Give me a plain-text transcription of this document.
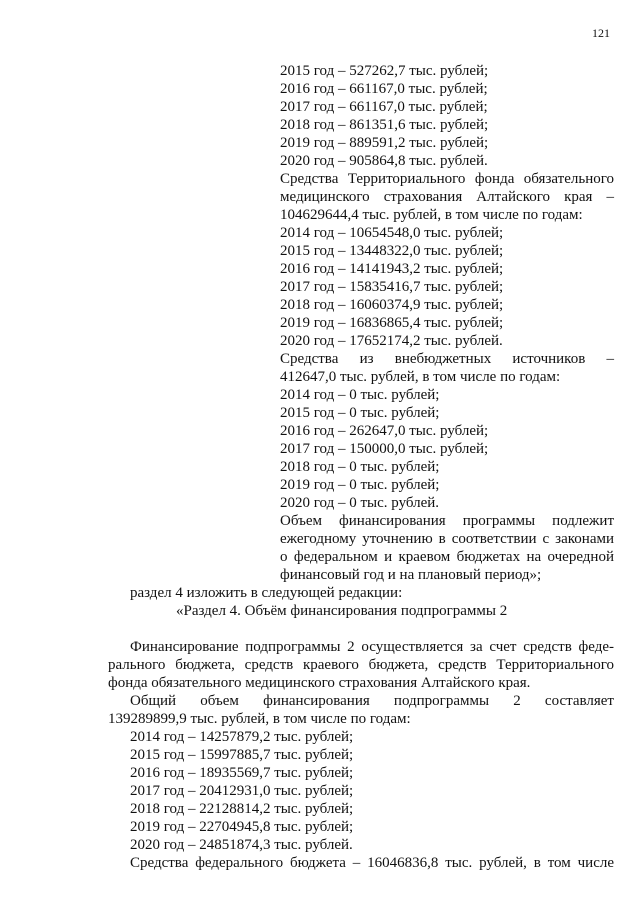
121
2015 год – 527262,7 тыс. рублей;
2016 год – 661167,0 тыс. рублей;
2017 год – 661167,0 тыс. рублей;
2018 год – 861351,6 тыс. рублей;
2019 год – 889591,2 тыс. рублей;
2020 год – 905864,8 тыс. рублей.
Средства Территориального фонда обязательного
медицинского страхования Алтайского края –
104629644,4 тыс. рублей, в том числе по годам:
2014 год – 10654548,0 тыс. рублей;
2015 год – 13448322,0 тыс. рублей;
2016 год – 14141943,2 тыс. рублей;
2017 год – 15835416,7 тыс. рублей;
2018 год – 16060374,9 тыс. рублей;
2019 год – 16836865,4 тыс. рублей;
2020 год – 17652174,2 тыс. рублей.
Средства из внебюджетных источников –
412647,0 тыс. рублей, в том числе по годам:
2014 год – 0 тыс. рублей;
2015 год – 0 тыс. рублей;
2016 год – 262647,0 тыс. рублей;
2017 год – 150000,0 тыс. рублей;
2018 год – 0 тыс. рублей;
2019 год – 0 тыс. рублей;
2020 год – 0 тыс. рублей.
Объем финансирования программы подлежит
ежегодному уточнению в соответствии с законами
о федеральном и краевом бюджетах на очередной
финансовый год и на плановый период»;
раздел 4 изложить в следующей редакции:
«Раздел 4. Объём финансирования подпрограммы 2
Финансирование подпрограммы 2 осуществляется за счет средств феде-
рального бюджета, средств краевого бюджета, средств Территориального
фонда обязательного медицинского страхования Алтайского края.
Общий объем финансирования подпрограммы 2 составляет
139289899,9 тыс. рублей, в том числе по годам:
2014 год – 14257879,2 тыс. рублей;
2015 год – 15997885,7 тыс. рублей;
2016 год – 18935569,7 тыс. рублей;
2017 год – 20412931,0 тыс. рублей;
2018 год – 22128814,2 тыс. рублей;
2019 год – 22704945,8 тыс. рублей;
2020 год – 24851874,3 тыс. рублей.
Средства федерального бюджета – 16046836,8 тыс. рублей, в том числе
